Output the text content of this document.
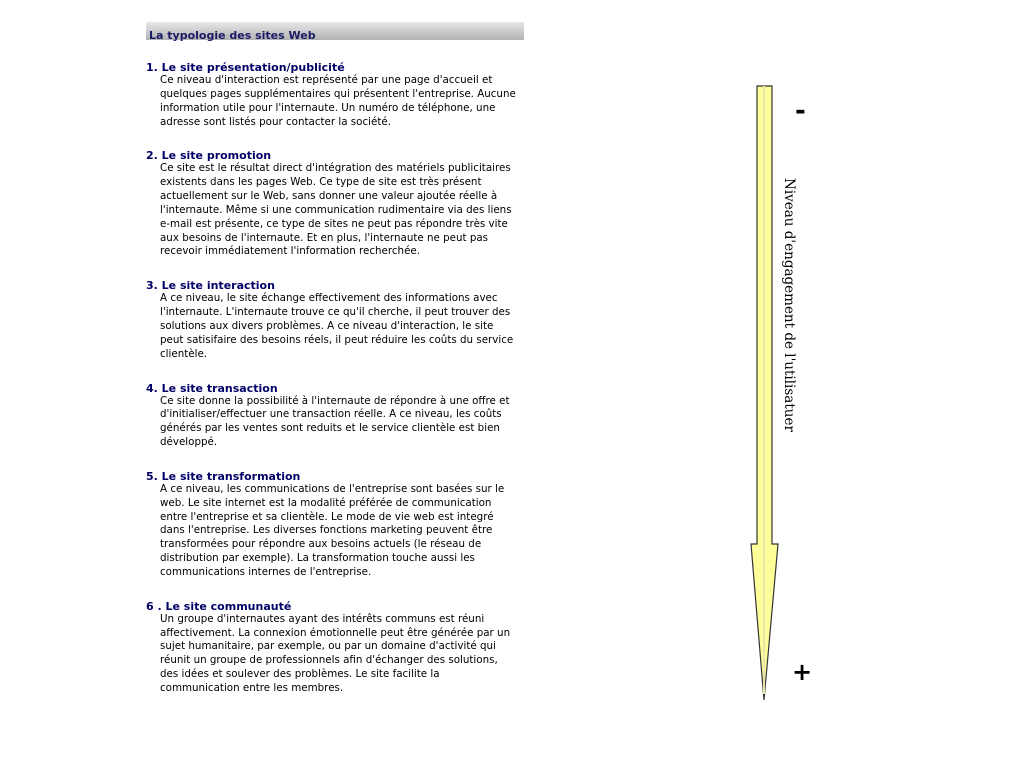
La typologie des sites Web
1. Le site présentation/publicité
Ce niveau d'interaction est représenté par une page d'accueil et quelques pages supplémentaires qui présentent l'entreprise. Aucune information utile pour l'internaute. Un numéro de téléphone, une adresse sont listés pour contacter la société.
2. Le site promotion
Ce site est le résultat direct d'intégration des matériels publicitaires existents dans les pages Web. Ce type de site est très présent actuellement sur le Web, sans donner une valeur ajoutée réelle à l'internaute. Même si une communication rudimentaire via des liens e-mail est présente, ce type de sites ne peut pas répondre très vite aux besoins de l'internaute. Et en plus, l'internaute ne peut pas recevoir immédiatement l'information recherchée.
3. Le site interaction
A ce niveau, le site échange effectivement des informations avec l'internaute. L'internaute trouve ce qu'il cherche, il peut trouver des solutions aux divers problèmes. A ce niveau d'interaction, le site peut satisifaire des besoins réels, il peut réduire les coûts du service clientèle.
4. Le site transaction
Ce site donne la possibilité à l'internaute de répondre à une offre et d'initialiser/effectuer une transaction réelle. A ce niveau, les coûts générés par les ventes sont reduits et le service clientèle est bien développé.
5. Le site transformation
A ce niveau, les communications de l'entreprise sont basées sur le web. Le site internet est la modalité préférée de communication entre l'entreprise et sa clientèle. Le mode de vie web est integré dans l'entreprise. Les diverses fonctions marketing peuvent être transformées pour répondre aux besoins actuels (le réseau de distribution par exemple). La transformation touche aussi les communications internes de l'entreprise.
6 . Le site communauté
Un groupe d'internautes ayant des intérêts communs est réuni affectivement. La connexion émotionnelle peut être générée par un sujet humanitaire, par exemple, ou par un domaine d'activité qui réunit un groupe de professionnels afin d'échanger des solutions, des idées et soulever des problèmes. Le site facilite la communication entre les membres.
-
+
Niveau d'engagement de l'utilisatuer
